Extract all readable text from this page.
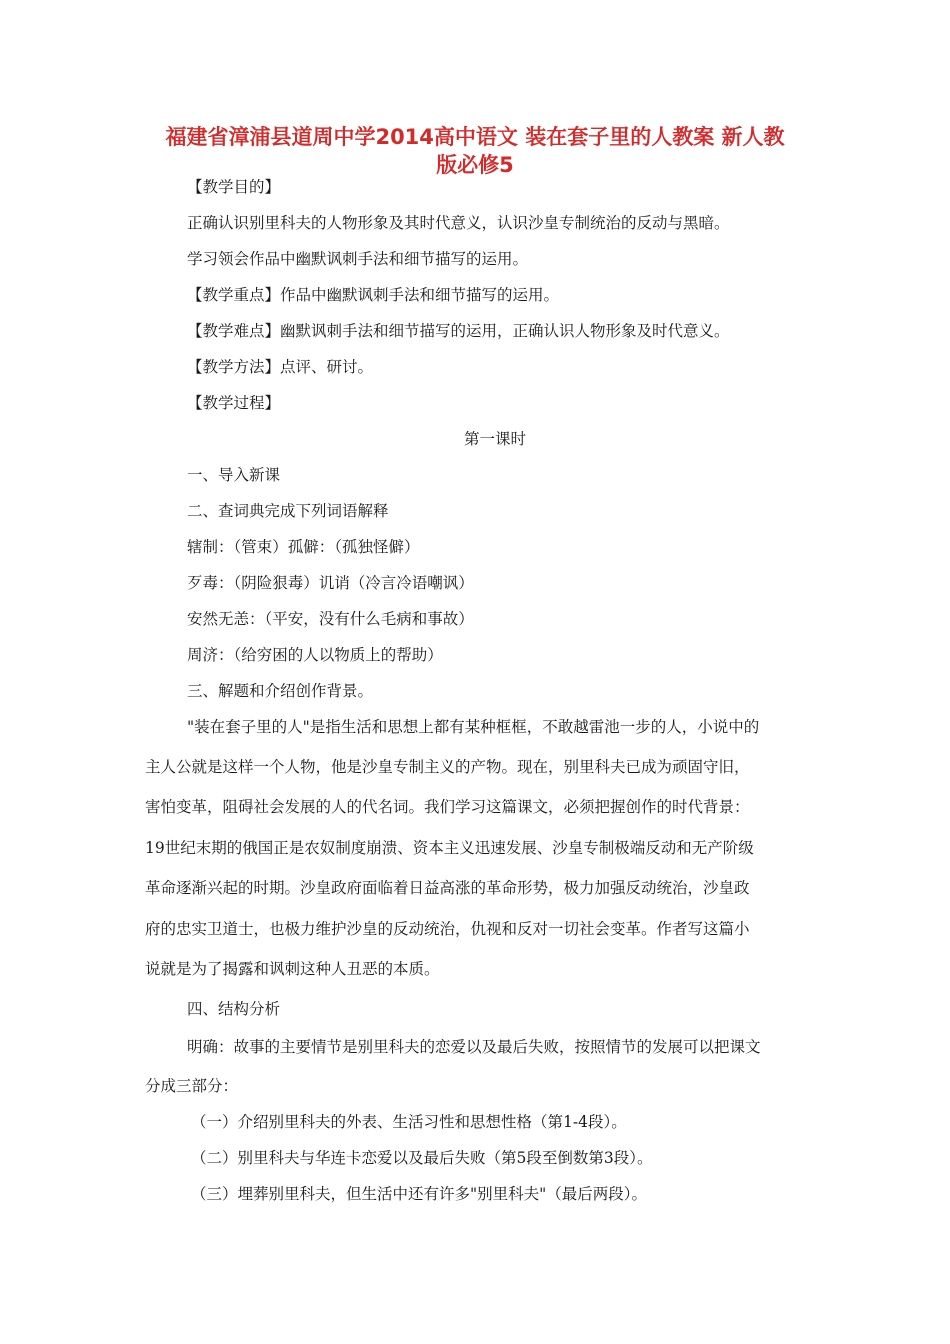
福建省漳浦县道周中学2014高中语文 装在套子里的人教案 新人教
版必修5
【教学目的】
正确认识别里科夫的人物形象及其时代意义，认识沙皇专制统治的反动与黑暗。
学习领会作品中幽默讽刺手法和细节描写的运用。
【教学重点】作品中幽默讽刺手法和细节描写的运用。
【教学难点】幽默讽刺手法和细节描写的运用，正确认识人物形象及时代意义。
【教学方法】点评、研讨。
【教学过程】
第一课时
一、导入新课
二、查词典完成下列词语解释
辖制：（管束）孤僻：（孤独怪僻）
歹毒：（阴险狠毒）讥诮（冷言冷语嘲讽）
安然无恙：（平安，没有什么毛病和事故）
周济：（给穷困的人以物质上的帮助）
三、解题和介绍创作背景。
"装在套子里的人"是指生活和思想上都有某种框框，不敢越雷池一步的人，小说中的
主人公就是这样一个人物，他是沙皇专制主义的产物。现在，别里科夫已成为顽固守旧，
害怕变革，阻碍社会发展的人的代名词。我们学习这篇课文，必须把握创作的时代背景：
19世纪末期的俄国正是农奴制度崩溃、资本主义迅速发展、沙皇专制极端反动和无产阶级
革命逐渐兴起的时期。沙皇政府面临着日益高涨的革命形势，极力加强反动统治，沙皇政
府的忠实卫道士，也极力维护沙皇的反动统治，仇视和反对一切社会变革。作者写这篇小
说就是为了揭露和讽刺这种人丑恶的本质。
四、结构分析
明确：故事的主要情节是别里科夫的恋爱以及最后失败，按照情节的发展可以把课文
分成三部分：
（一）介绍别里科夫的外表、生活习性和思想性格（第1-4段）。
（二）别里科夫与华连卡恋爱以及最后失败（第5段至倒数第3段）。
（三）埋葬别里科夫，但生活中还有许多"别里科夫"（最后两段）。
